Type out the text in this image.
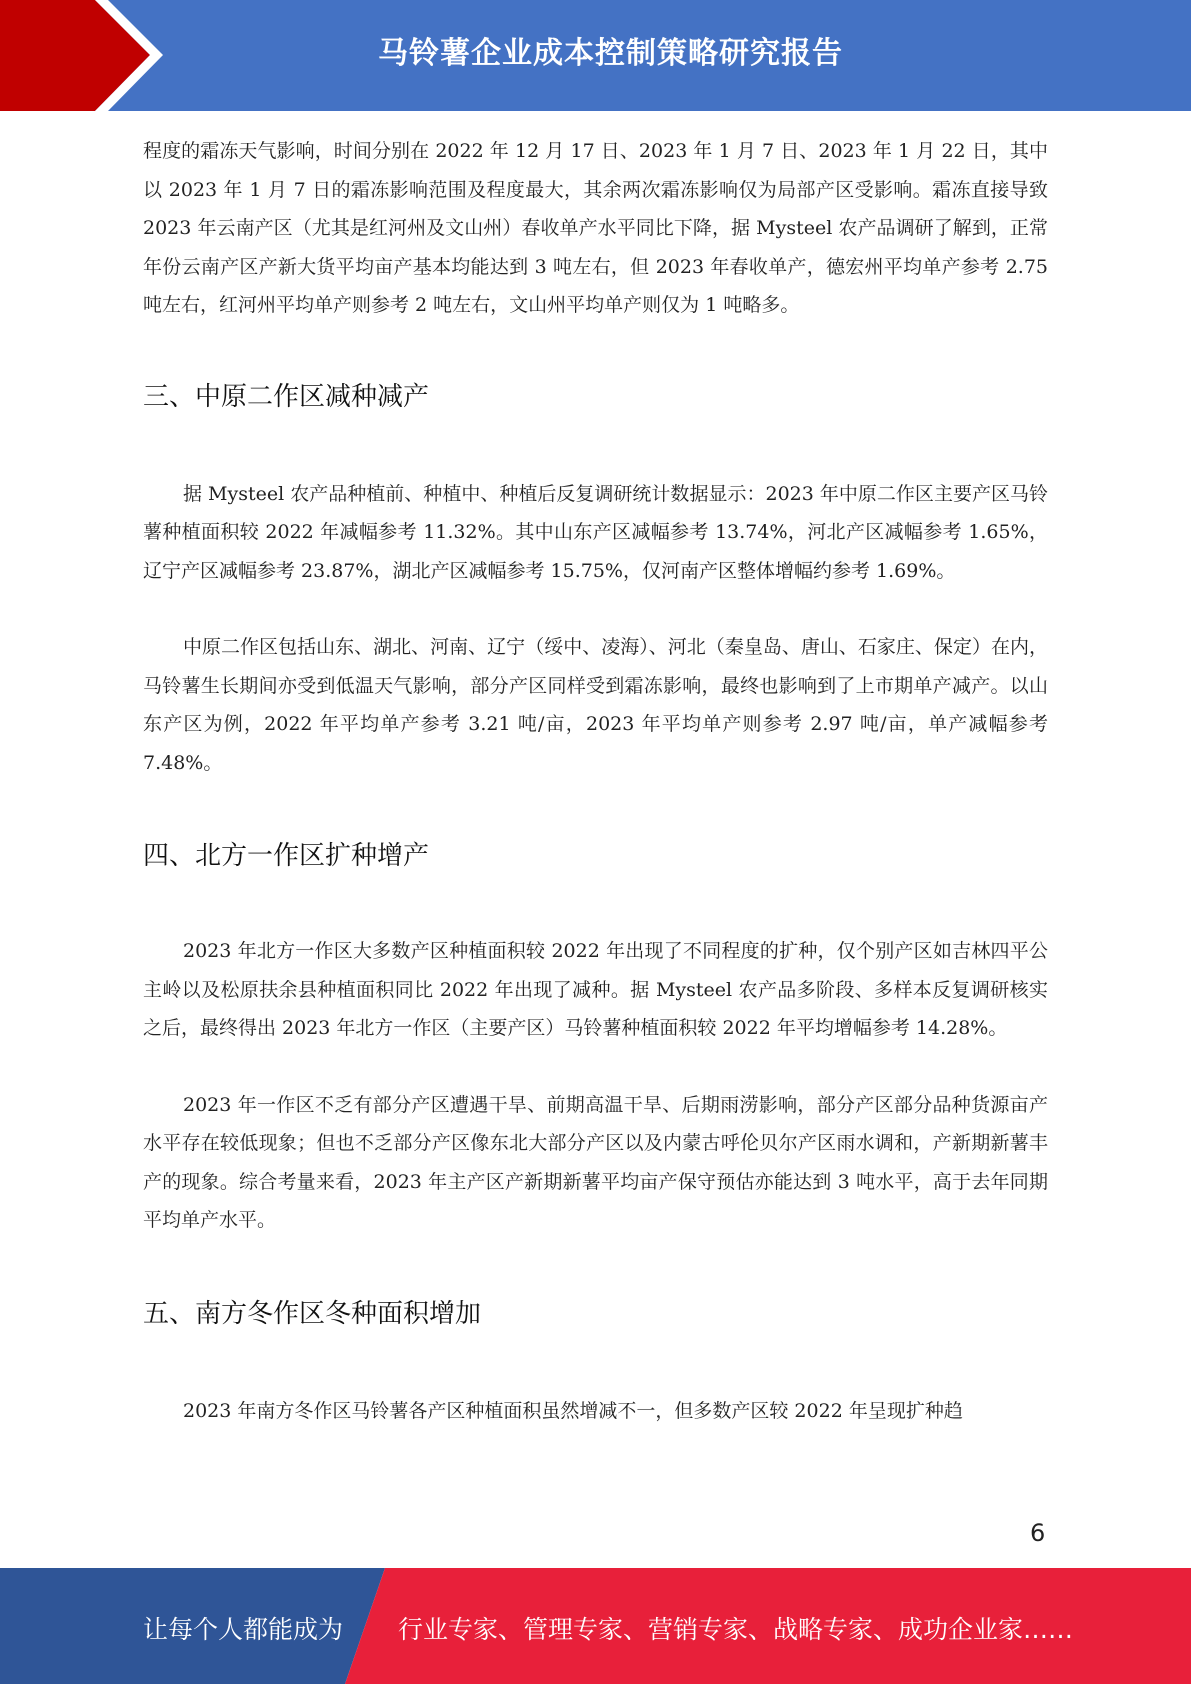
马铃薯企业成本控制策略研究报告

程度的霜冻天气影响，时间分别在 2022 年 12 月 17 日、2023 年 1 月 7 日、2023 年 1 月 22 日，其中以 2023 年 1 月 7 日的霜冻影响范围及程度最大，其余两次霜冻影响仅为局部产区受影响。霜冻直接导致 2023 年云南产区（尤其是红河州及文山州）春收单产水平同比下降，据 Mysteel 农产品调研了解到，正常年份云南产区产新大货平均亩产基本均能达到 3 吨左右，但 2023 年春收单产，德宏州平均单产参考 2.75 吨左右，红河州平均单产则参考 2 吨左右，文山州平均单产则仅为 1 吨略多。

三、中原二作区减种减产

据 Mysteel 农产品种植前、种植中、种植后反复调研统计数据显示：2023 年中原二作区主要产区马铃薯种植面积较 2022 年减幅参考 11.32%。其中山东产区减幅参考 13.74%，河北产区减幅参考 1.65%，辽宁产区减幅参考 23.87%，湖北产区减幅参考 15.75%，仅河南产区整体增幅约参考 1.69%。

中原二作区包括山东、湖北、河南、辽宁（绥中、凌海）、河北（秦皇岛、唐山、石家庄、保定）在内，马铃薯生长期间亦受到低温天气影响，部分产区同样受到霜冻影响，最终也影响到了上市期单产减产。以山东产区为例，2022 年平均单产参考 3.21 吨/亩，2023 年平均单产则参考 2.97 吨/亩，单产减幅参考 7.48%。

四、北方一作区扩种增产

2023 年北方一作区大多数产区种植面积较 2022 年出现了不同程度的扩种，仅个别产区如吉林四平公主岭以及松原扶余县种植面积同比 2022 年出现了减种。据 Mysteel 农产品多阶段、多样本反复调研核实之后，最终得出 2023 年北方一作区（主要产区）马铃薯种植面积较 2022 年平均增幅参考 14.28%。

2023 年一作区不乏有部分产区遭遇干旱、前期高温干旱、后期雨涝影响，部分产区部分品种货源亩产水平存在较低现象；但也不乏部分产区像东北大部分产区以及内蒙古呼伦贝尔产区雨水调和，产新期新薯丰产的现象。综合考量来看，2023 年主产区产新期新薯平均亩产保守预估亦能达到 3 吨水平，高于去年同期平均单产水平。

五、南方冬作区冬种面积增加

2023 年南方冬作区马铃薯各产区种植面积虽然增减不一，但多数产区较 2022 年呈现扩种趋

6
让每个人都能成为 行业专家、管理专家、营销专家、战略专家、成功企业家……
